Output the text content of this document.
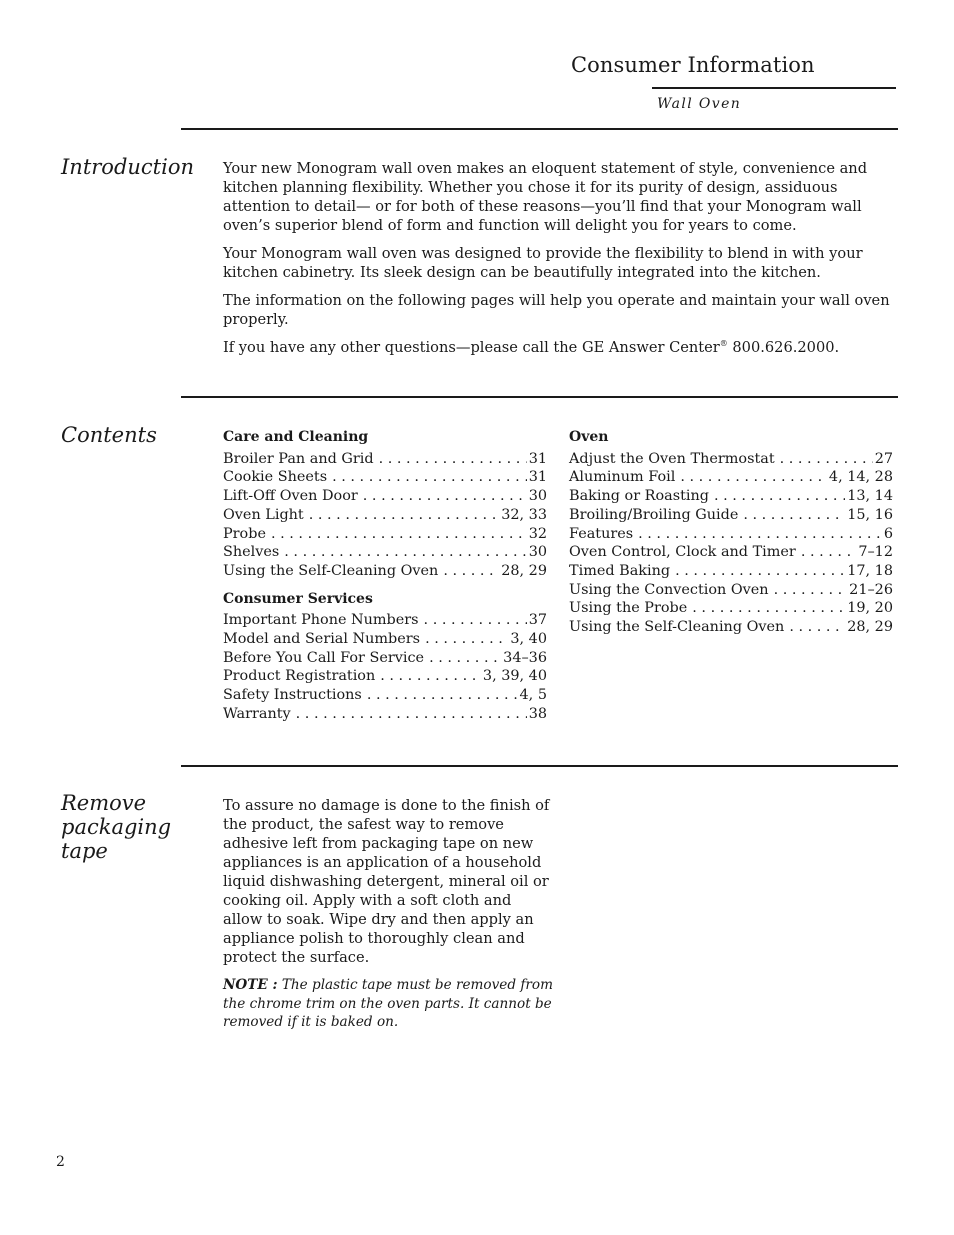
Consumer Information
Wall Oven
Introduction Your new Monogram wall oven makes an eloquent statement of style, convenience and kitchen planning flexibility. Whether you chose it for its purity of design, assiduous attention to detail— or for both of these reasons—you’ll find that your Monogram wall oven’s superior blend of form and function will delight you for years to come.

Your Monogram wall oven was designed to provide the flexibility to blend in with your kitchen cabinetry. Its sleek design can be beautifully integrated into the kitchen.

The information on the following pages will help you operate and maintain your wall oven properly.

If you have any other questions—please call the GE Answer Center® 800.626.2000.

Contents	Care and Cleaning
Broiler Pan and Grid . . .	31
Cookie Sheets . . .	31
Lift-Off Oven Door . . .	30
Oven Light . . .	32, 33
Probe . . .	32
Shelves . . .	30
Using the Self-Cleaning Oven . . .	28, 29
Consumer Services
Important Phone Numbers . . .	37
Model and Serial Numbers . . .	3, 40
Before You Call For Service . . .	34–36
Product Registration . . .	3, 39, 40
Safety Instructions . . .	4, 5
Warranty . . .	38
Oven
Adjust the Oven Thermostat . . .	27
Aluminum Foil . . .	4, 14, 28
Baking or Roasting . . .	13, 14
Broiling/Broiling Guide . . .	15, 16
Features . . .	6
Oven Control, Clock and Timer . . .	7–12
Timed Baking . . .	17, 18
Using the Convection Oven . . .	21–26
Using the Probe . . .	19, 20
Using the Self-Cleaning Oven . . .	28, 29
Remove
packaging
tape

To assure no damage is done to the finish of the product, the safest way to remove adhesive left from packaging tape on new appliances is an application of a household liquid dishwashing detergent, mineral oil or cooking oil. Apply with a soft cloth and allow to soak. Wipe dry and then apply an appliance polish to thoroughly clean and protect the surface.

NOTE : The plastic tape must be removed from the chrome trim on the oven parts. It cannot be removed if it is baked on.

2
